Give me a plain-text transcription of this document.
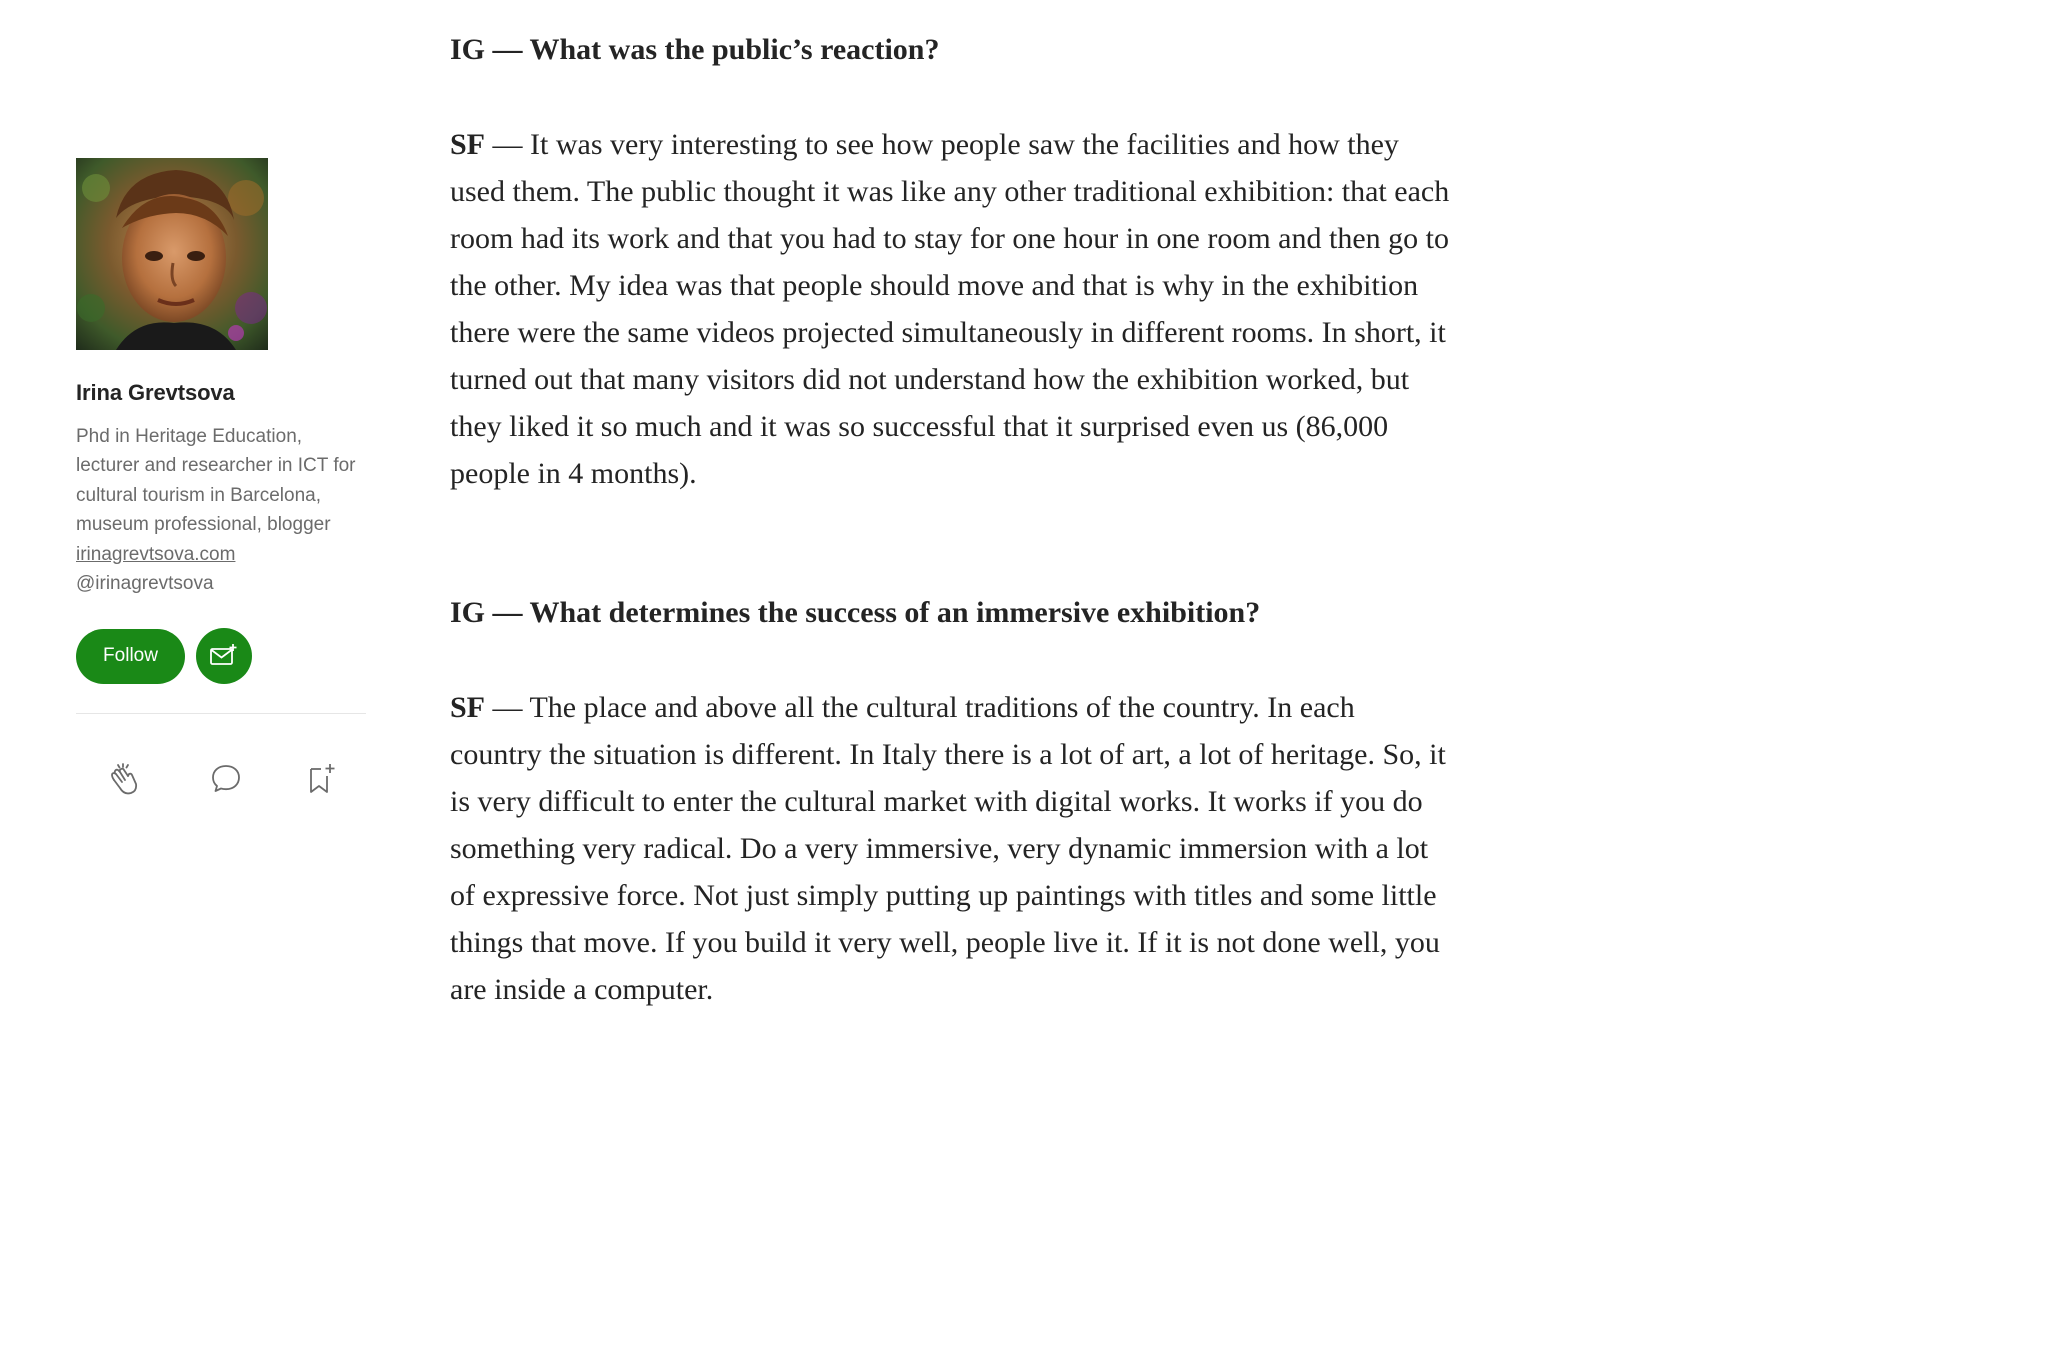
Irina Grevtsova
Phd in Heritage Education, lecturer and researcher in ICT for cultural tourism in Barcelona, museum professional, blogger
irinagrevtsova.com
@irinagrevtsova
Follow

IG — What was the public’s reaction?

SF — It was very interesting to see how people saw the facilities and how they used them. The public thought it was like any other traditional exhibition: that each room had its work and that you had to stay for one hour in one room and then go to the other. My idea was that people should move and that is why in the exhibition there were the same videos projected simultaneously in different rooms. In short, it turned out that many visitors did not understand how the exhibition worked, but they liked it so much and it was so successful that it surprised even us (86,000 people in 4 months).

IG — What determines the success of an immersive exhibition?

SF — The place and above all the cultural traditions of the country. In each country the situation is different. In Italy there is a lot of art, a lot of heritage. So, it is very difficult to enter the cultural market with digital works. It works if you do something very radical. Do a very immersive, very dynamic immersion with a lot of expressive force. Not just simply putting up paintings with titles and some little things that move. If you build it very well, people live it. If it is not done well, you are inside a computer.
